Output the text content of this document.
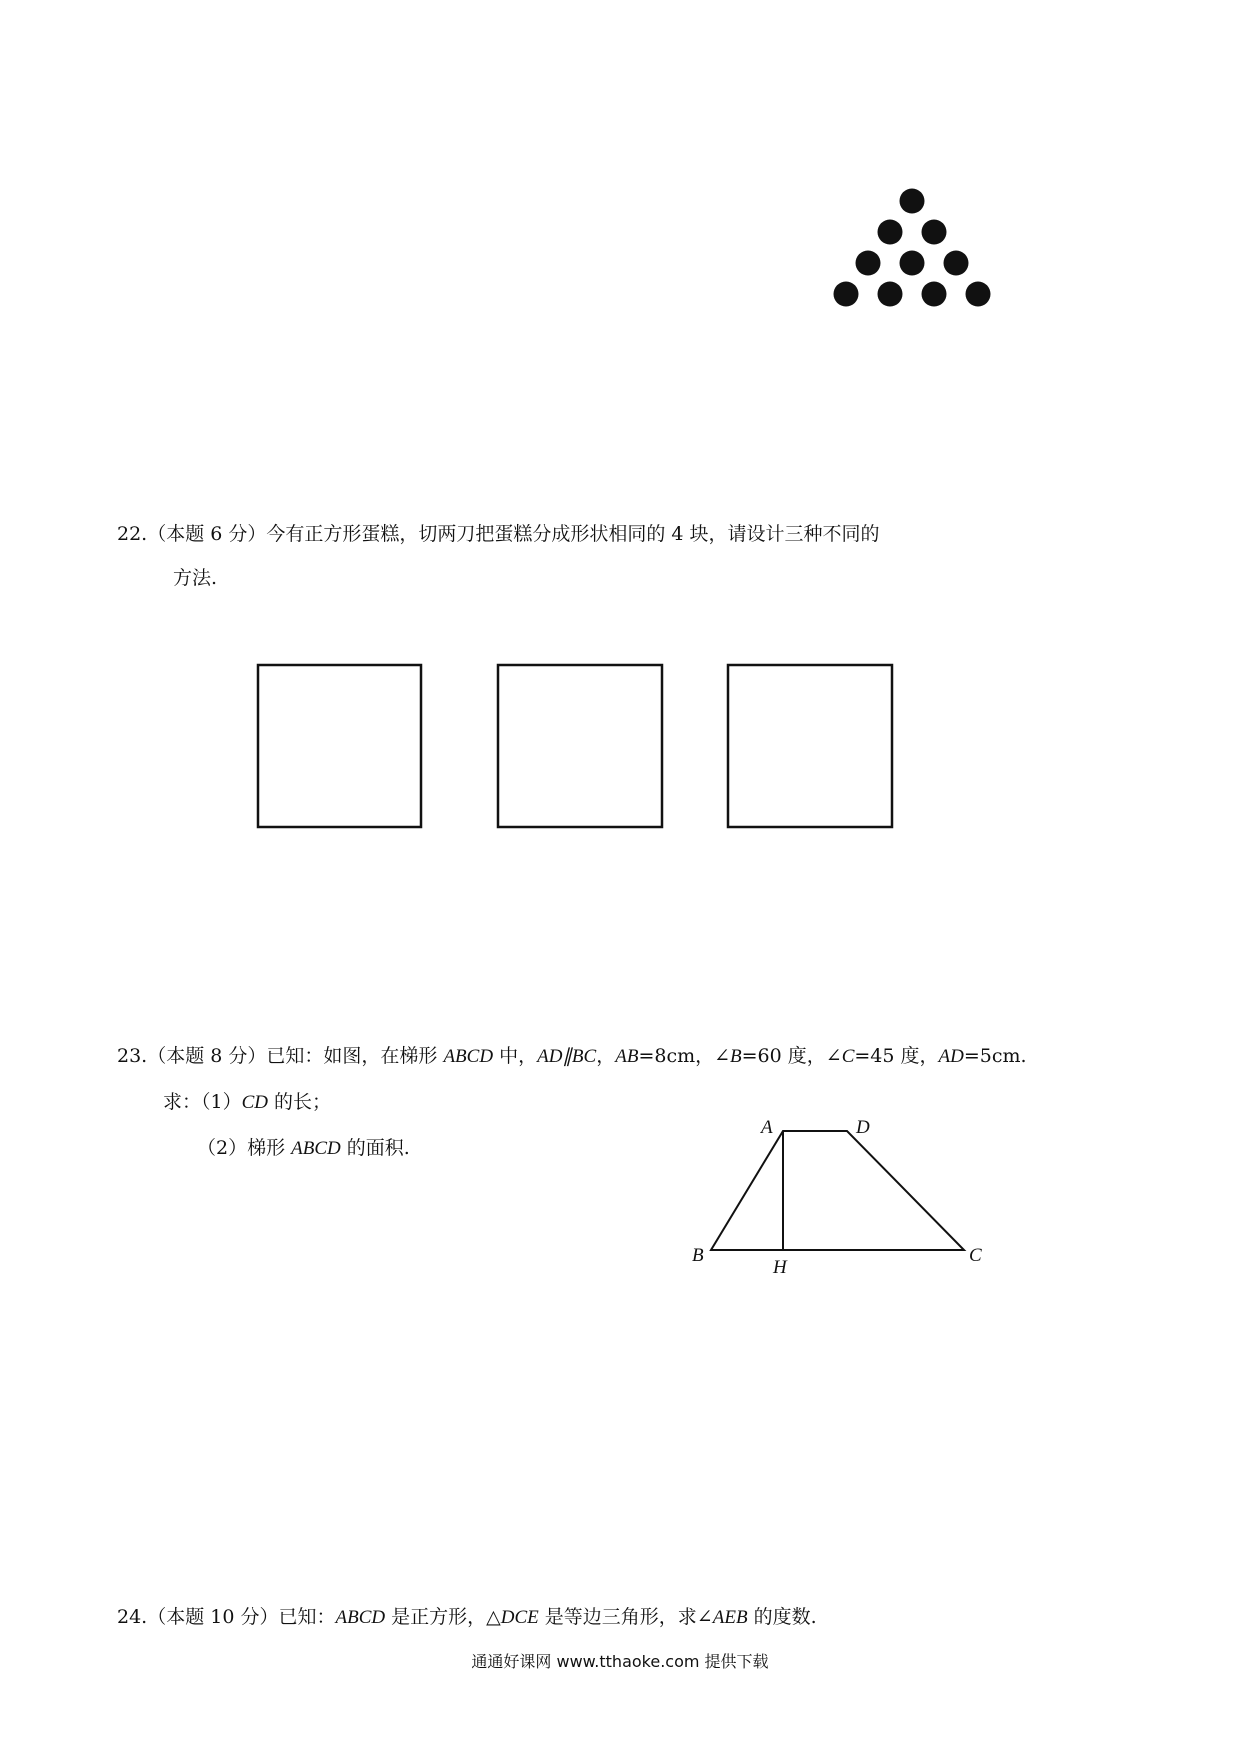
22.（本题 6 分）今有正方形蛋糕，切两刀把蛋糕分成形状相同的 4 块，请设计三种不同的
方法.
23.（本题 8 分）已知：如图，在梯形 ABCD 中，AD∥BC，AB=8cm，∠B=60 度，∠C=45 度，AD=5cm.
求：（1）CD 的长；
（2）梯形 ABCD 的面积.
A	D
B
H
C
24.（本题 10 分）已知：ABCD 是正方形，△DCE 是等边三角形，求∠AEB 的度数.
通通好课网 www.tthaoke.com 提供下载
